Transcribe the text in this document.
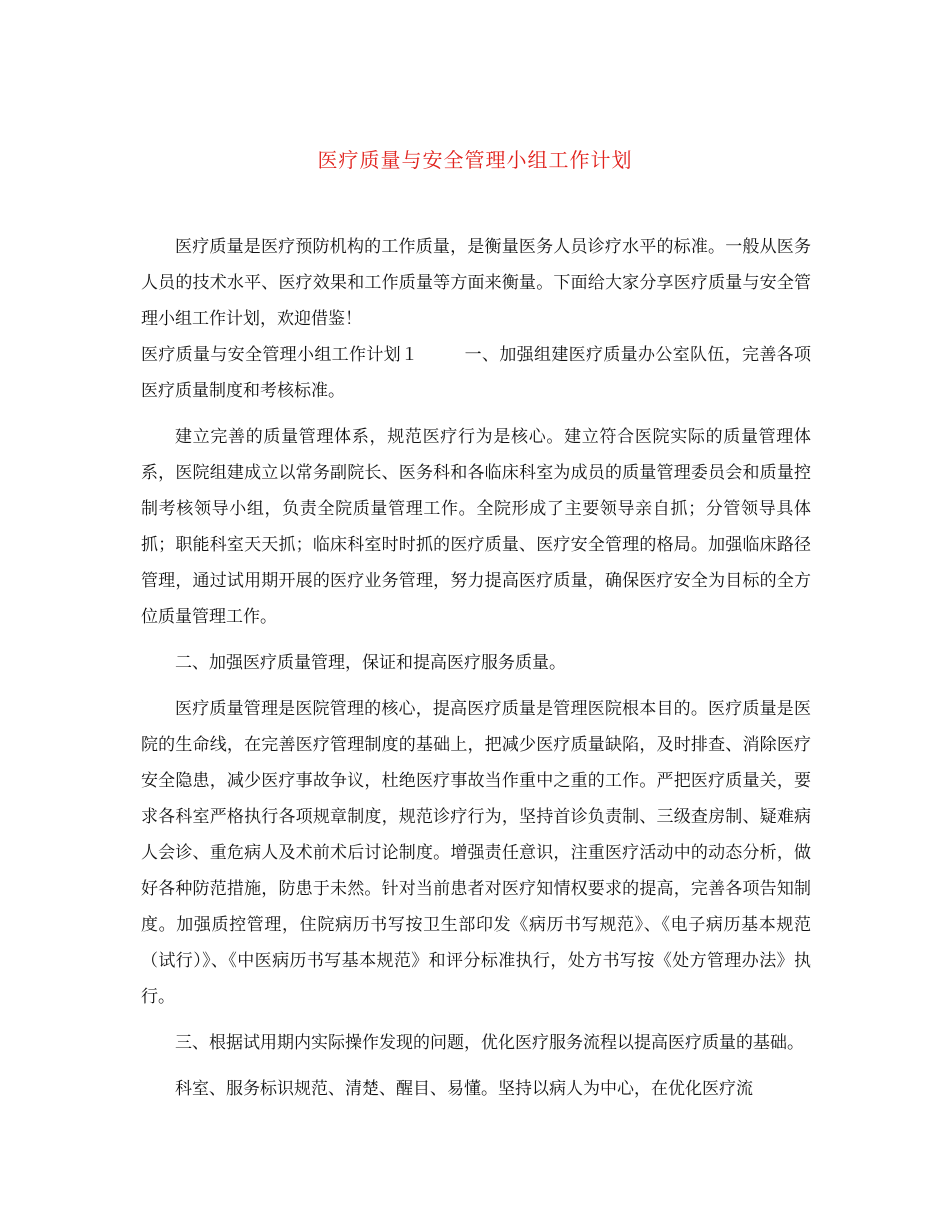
医疗质量与安全管理小组工作计划

医疗质量是医疗预防机构的工作质量，是衡量医务人员诊疗水平的标准。一般从医务人员的技术水平、医疗效果和工作质量等方面来衡量。下面给大家分享医疗质量与安全管理小组工作计划，欢迎借鉴！

医疗质量与安全管理小组工作计划１	一、加强组建医疗质量办公室队伍，完善各项医疗质量制度和考核标准。

建立完善的质量管理体系，规范医疗行为是核心。建立符合医院实际的质量管理体系，医院组建成立以常务副院长、医务科和各临床科室为成员的质量管理委员会和质量控制考核领导小组，负责全院质量管理工作。全院形成了主要领导亲自抓；分管领导具体抓；职能科室天天抓；临床科室时时抓的医疗质量、医疗安全管理的格局。加强临床路径管理，通过试用期开展的医疗业务管理，努力提高医疗质量，确保医疗安全为目标的全方位质量管理工作。

二、加强医疗质量管理，保证和提高医疗服务质量。

医疗质量管理是医院管理的核心，提高医疗质量是管理医院根本目的。医疗质量是医院的生命线，在完善医疗管理制度的基础上，把减少医疗质量缺陷，及时排查、消除医疗安全隐患，减少医疗事故争议，杜绝医疗事故当作重中之重的工作。严把医疗质量关，要求各科室严格执行各项规章制度，规范诊疗行为，坚持首诊负责制、三级查房制、疑难病人会诊、重危病人及术前术后讨论制度。增强责任意识，注重医疗活动中的动态分析，做好各种防范措施，防患于未然。针对当前患者对医疗知情权要求的提高，完善各项告知制度。加强质控管理，住院病历书写按卫生部印发《病历书写规范》、《电子病历基本规范（试行）》、《中医病历书写基本规范》和评分标准执行，处方书写按《处方管理办法》执行。

三、根据试用期内实际操作发现的问题，优化医疗服务流程以提高医疗质量的基础。

科室、服务标识规范、清楚、醒目、易懂。坚持以病人为中心，在优化医疗流
